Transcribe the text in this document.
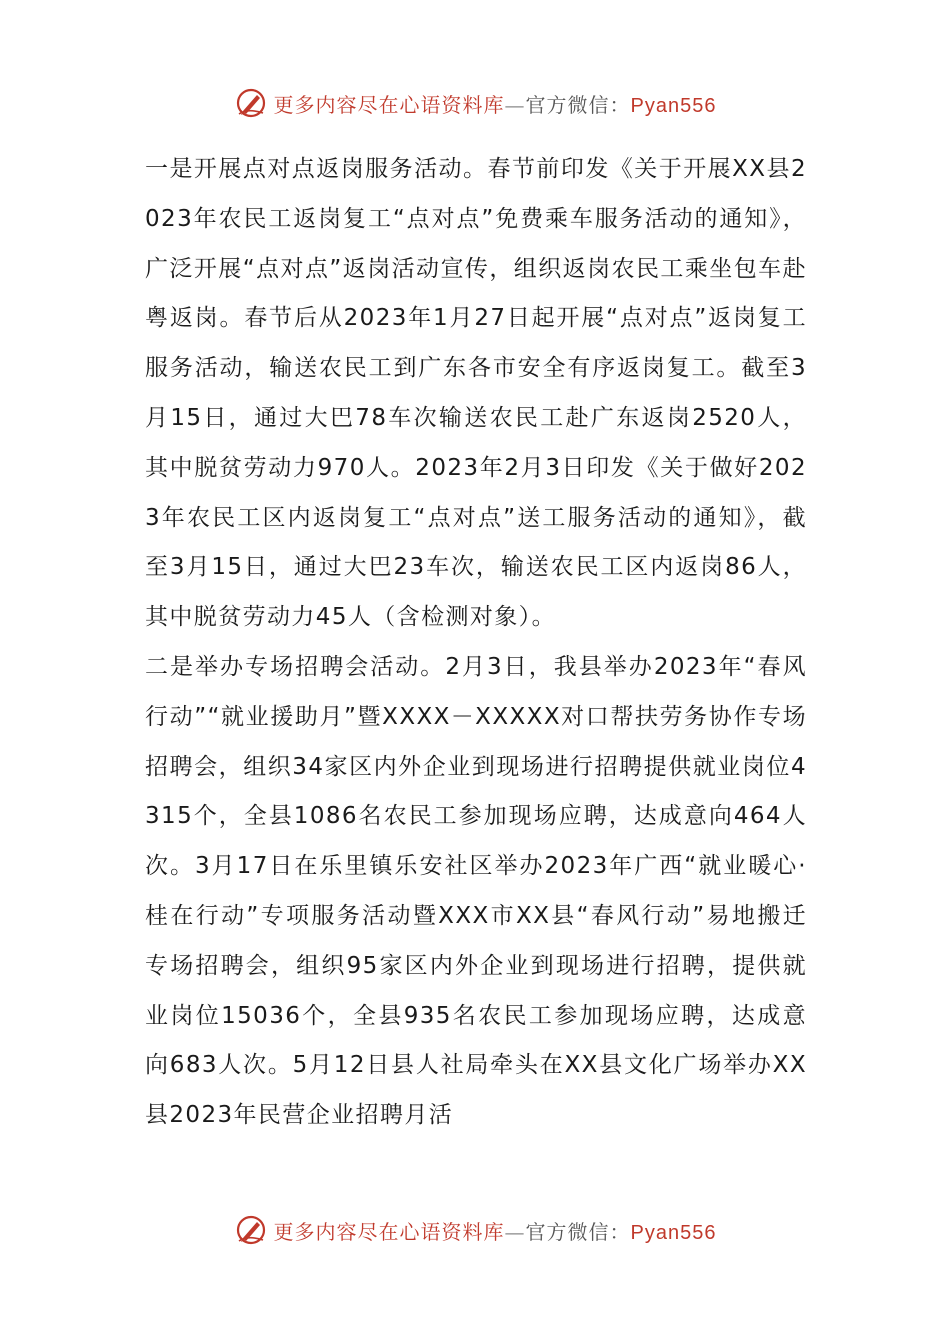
更多内容尽在心语资料库—官方微信：Pyan556

一是开展点对点返岗服务活动。春节前印发《关于开展XX县2023年农民工返岗复工“点对点”免费乘车服务活动的通知》，广泛开展“点对点”返岗活动宣传，组织返岗农民工乘坐包车赴粤返岗。春节后从2023年1月27日起开展“点对点”返岗复工服务活动，输送农民工到广东各市安全有序返岗复工。截至3月15日，通过大巴78车次输送农民工赴广东返岗2520人，其中脱贫劳动力970人。2023年2月3日印发《关于做好2023年农民工区内返岗复工“点对点”送工服务活动的通知》，截至3月15日，通过大巴23车次，输送农民工区内返岗86人，其中脱贫劳动力45人（含检测对象）。

二是举办专场招聘会活动。2月3日，我县举办2023年“春风行动”“就业援助月”暨XXXX－XXXXX对口帮扶劳务协作专场招聘会，组织34家区内外企业到现场进行招聘提供就业岗位4315个，全县1086名农民工参加现场应聘，达成意向464人次。3月17日在乐里镇乐安社区举办2023年广西“就业暖心·桂在行动”专项服务活动暨XXX市XX县“春风行动”易地搬迁专场招聘会，组织95家区内外企业到现场进行招聘，提供就业岗位15036个，全县935名农民工参加现场应聘，达成意向683人次。5月12日县人社局牵头在XX县文化广场举办XX县2023年民营企业招聘月活

更多内容尽在心语资料库—官方微信：Pyan556
